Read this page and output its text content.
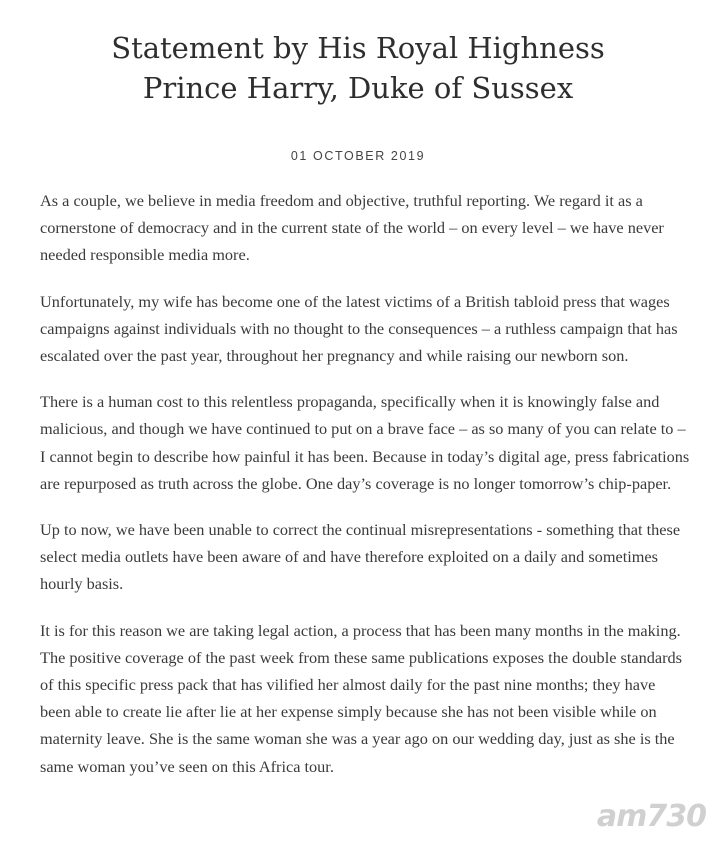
Statement by His Royal Highness
Prince Harry, Duke of Sussex
01 OCTOBER 2019

As a couple, we believe in media freedom and objective, truthful reporting. We regard it as a cornerstone of democracy and in the current state of the world – on every level – we have never needed responsible media more.

Unfortunately, my wife has become one of the latest victims of a British tabloid press that wages campaigns against individuals with no thought to the consequences – a ruthless campaign that has escalated over the past year, throughout her pregnancy and while raising our newborn son.

There is a human cost to this relentless propaganda, specifically when it is knowingly false and malicious, and though we have continued to put on a brave face – as so many of you can relate to – I cannot begin to describe how painful it has been. Because in today’s digital age, press fabrications are repurposed as truth across the globe. One day’s coverage is no longer tomorrow’s chip-paper.

Up to now, we have been unable to correct the continual misrepresentations - something that these select media outlets have been aware of and have therefore exploited on a daily and sometimes hourly basis.

It is for this reason we are taking legal action, a process that has been many months in the making. The positive coverage of the past week from these same publications exposes the double standards of this specific press pack that has vilified her almost daily for the past nine months; they have been able to create lie after lie at her expense simply because she has not been visible while on maternity leave. She is the same woman she was a year ago on our wedding day, just as she is the same woman you’ve seen on this Africa tour.

am730
